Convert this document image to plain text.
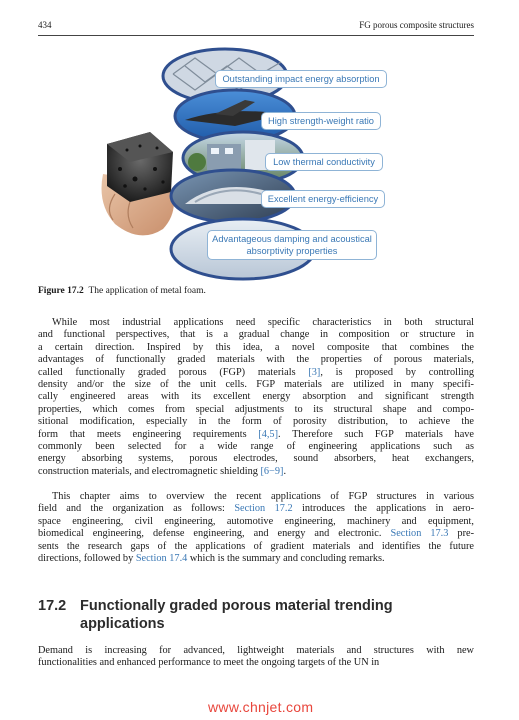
434	FG porous composite structures
Outstanding impact energy absorption
High strength-weight ratio
Low thermal conductivity
Excellent energy-efficiency
Advantageous damping and acoustical
absorptivity properties
Figure 17.2 The application of metal foam.
While most industrial applications need specific characteristics in both structural
and functional perspectives, that is a gradual change in composition or structure in
a certain direction. Inspired by this idea, a novel composite that combines the
advantages of functionally graded materials with the properties of porous materials,
called functionally graded porous (FGP) materials [3], is proposed by controlling
density and/or the size of the unit cells. FGP materials are utilized in many specifi-
cally engineered areas with its excellent energy absorption and significant strength
properties, which comes from special adjustments to its structural shape and compo-
sitional modification, especially in the form of porosity distribution, to achieve the
form that meets engineering requirements [4,5]. Therefore such FGP materials have
commonly been selected for a wide range of engineering applications such as
energy absorbing systems, porous electrodes, sound absorbers, heat exchangers,
construction materials, and electromagnetic shielding [6−9].
This chapter aims to overview the recent applications of FGP structures in various
field and the organization as follows: Section 17.2 introduces the applications in aero-
space engineering, civil engineering, automotive engineering, machinery and equipment,
biomedical engineering, defense engineering, and energy and electronic. Section 17.3 pre-
sents the research gaps of the applications of gradient materials and identifies the future
directions, followed by Section 17.4 which is the summary and concluding remarks.
17.2 Functionally graded porous material trending
applications
Demand is increasing for advanced, lightweight materials and structures with new
functionalities and enhanced performance to meet the ongoing targets of the UN in
www.chnjet.com
